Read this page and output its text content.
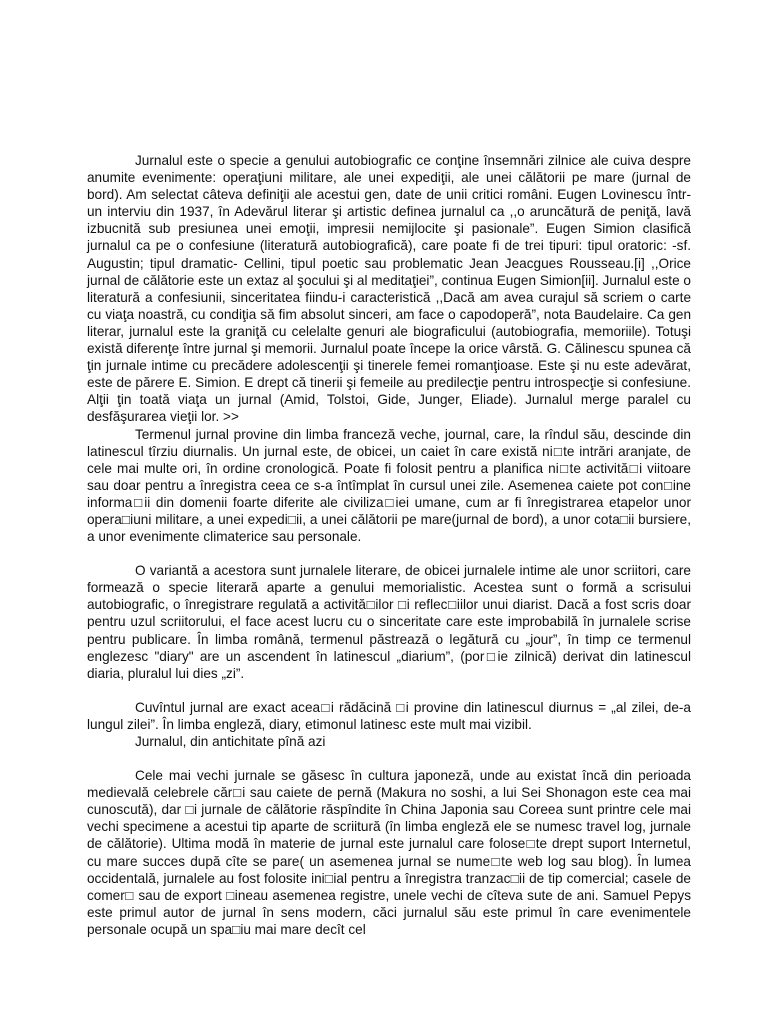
Jurnalul este o specie a genului autobiografic ce conţine însemnări zilnice ale cuiva despre anumite evenimente: operaţiuni militare, ale unei expediţii, ale unei călătorii pe mare (jurnal de bord). Am selectat câteva definiţii ale acestui gen, date de unii critici români. Eugen Lovinescu într-un interviu din 1937, în Adevărul literar şi artistic definea jurnalul ca ,,o aruncătură de peniţă, lavă izbucnită sub presiunea unei emoţii, impresii nemijlocite şi pasionale”. Eugen Simion clasifică jurnalul ca pe o confesiune (literatură autobiografică), care poate fi de trei tipuri: tipul oratoric: -sf. Augustin; tipul dramatic- Cellini, tipul poetic sau problematic Jean Jeacgues Rousseau.[i] ,,Orice jurnal de călătorie este un extaz al şocului şi al meditaţiei”, continua Eugen Simion[ii]. Jurnalul este o literatură a confesiunii, sinceritatea fiindu-i caracteristică ,,Dacă am avea curajul să scriem o carte cu viaţa noastră, cu condiţia să fim absolut sinceri, am face o capodoperă”, nota Baudelaire. Ca gen literar, jurnalul este la graniţă cu celelalte genuri ale biograficului (autobiografia, memoriile). Totuşi există diferenţe între jurnal şi memorii. Jurnalul poate începe la orice vârstă. G. Călinescu spunea că ţin jurnale intime cu precădere adolescenţii şi tinerele femei romanţioase. Este şi nu este adevărat, este de părere E. Simion. E drept că tinerii şi femeile au predilecţie pentru introspecţie si confesiune. Alţii ţin toată viaţa un jurnal (Amid, Tolstoi, Gide, Junger, Eliade). Jurnalul merge paralel cu desfăşurarea vieţii lor. >>

Termenul jurnal provine din limba franceză veche, journal, care, la rîndul său, descinde din latinescul tîrziu diurnalis. Un jurnal este, de obicei, un caiet în care există ni□te intrări aranjate, de cele mai multe ori, în ordine cronologică. Poate fi folosit pentru a planifica ni□te activită□i viitoare sau doar pentru a înregistra ceea ce s-a întîmplat în cursul unei zile. Asemenea caiete pot con□ine informa□ii din domenii foarte diferite ale civiliza□iei umane, cum ar fi înregistrarea etapelor unor opera□iuni militare, a unei expedi□ii, a unei călătorii pe mare(jurnal de bord), a unor cota□ii bursiere, a unor evenimente climaterice sau personale.

O variantă a acestora sunt jurnalele literare, de obicei jurnalele intime ale unor scriitori, care formează o specie literară aparte a genului memorialistic. Acestea sunt o formă a scrisului autobiografic, o înregistrare regulată a activită□ilor □i reflec□iilor unui diarist. Dacă a fost scris doar pentru uzul scriitorului, el face acest lucru cu o sinceritate care este improbabilă în jurnalele scrise pentru publicare. În limba română, termenul păstrează o legătură cu „jour”, în timp ce termenul englezesc "diary" are un ascendent în latinescul „diarium”, (por□ie zilnică) derivat din latinescul diaria, pluralul lui dies „zi”.

Cuvîntul jurnal are exact acea□i rădăcină □i provine din latinescul diurnus = „al zilei, de-a lungul zilei”. În limba engleză, diary, etimonul latinesc este mult mai vizibil.

Jurnalul, din antichitate pînă azi

Cele mai vechi jurnale se găsesc în cultura japoneză, unde au existat încă din perioada medievală celebrele căr□i sau caiete de pernă (Makura no soshi, a lui Sei Shonagon este cea mai cunoscută), dar □i jurnale de călătorie răspîndite în China Japonia sau Coreea sunt printre cele mai vechi specimene a acestui tip aparte de scriitură (în limba engleză ele se numesc travel log, jurnale de călătorie). Ultima modă în materie de jurnal este jurnalul care folose□te drept suport Internetul, cu mare succes după cîte se pare( un asemenea jurnal se nume□te web log sau blog). În lumea occidentală, jurnalele au fost folosite ini□ial pentru a înregistra tranzac□ii de tip comercial; casele de comer□ sau de export □ineau asemenea registre, unele vechi de cîteva sute de ani. Samuel Pepys este primul autor de jurnal în sens modern, căci jurnalul său este primul în care evenimentele personale ocupă un spa□iu mai mare decît cel
